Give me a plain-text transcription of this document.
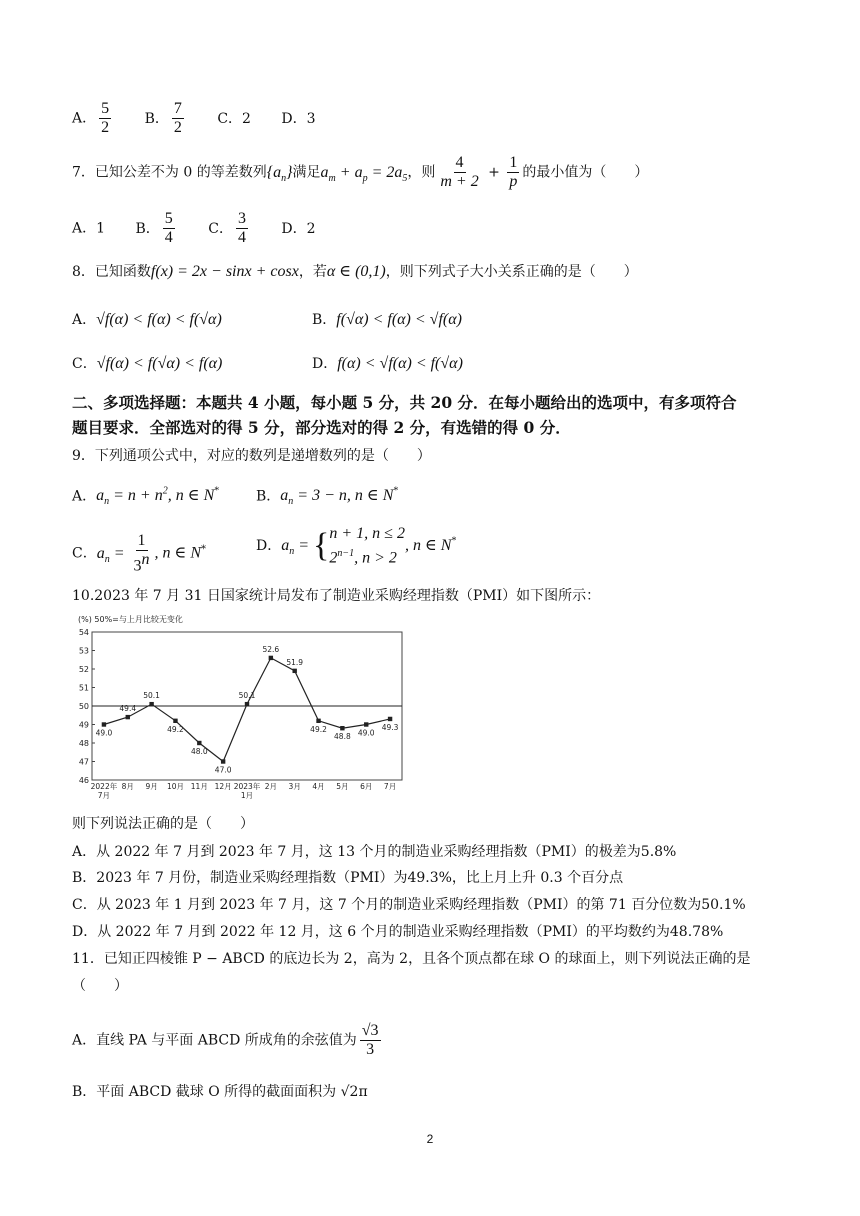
A． $\frac{5}{2}$ B． $\frac{7}{2}$ C．2 D．3
7．已知公差不为 0 的等差数列$\{a_n\}$满足$a_m + a_p = 2a_5$，则 $\frac{4}{m + 2} + \frac{1}{p}$ 的最小值为（　　）
A．1 B． $\frac{5}{4}$ C． $\frac{3}{4}$ D．2
8．已知函数f(x) = 2x − sinx + cosx，若α ∈ (0,1)，则下列式子大小关系正确的是（　　）
A．√f(α) < f(α) < f(√α)	B．f(√α) < f(α) < √f(α)
C．√f(α) < f(√α) < f(α)	D．f(α) < √f(α) < f(√α)
二、多项选择题：本题共 4 小题，每小题 5 分，共 20 分．在每小题给出的选项中，有多项符合
题目要求．全部选对的得 5 分，部分选对的得 2 分，有选错的得 0 分．
9．下列通项公式中，对应的数列是递增数列的是（　　）
A．$a_n = n + n^2$, n ∈ N*	B．$a_n = 3 - n$, n ∈ N*
C．$a_n = \frac{1}{3^n}$ , n ∈ N*	D．$a_n$ = { n + 1, n ≤ 2
$2^{n-1}$, n > 2
, n ∈ N*
10.2023 年 7 月 31 日国家统计局发布了制造业采购经理指数（PMI）如下图所示：
(%) 50%=与上月比较无变化
54
53
52
51
50
49
48
47
46
2022年
7月
8月 9月 10月 11月 12月 2023年
1月
2月 3月 4月 5月 6月 7月
49.0
49.4
50.1
49.2
48.0
47.0
50.1
52.6
51.9
49.2
48.8 49.0
49.3
则下列说法正确的是（　　）
A．从 2022 年 7 月到 2023 年 7 月，这 13 个月的制造业采购经理指数（PMI）的极差为5.8%
B．2023 年 7 月份，制造业采购经理指数（PMI）为49.3%，比上月上升 0.3 个百分点
C．从 2023 年 1 月到 2023 年 7 月，这 7 个月的制造业采购经理指数（PMI）的第 71 百分位数为50.1%
D．从 2022 年 7 月到 2022 年 12 月，这 6 个月的制造业采购经理指数（PMI）的平均数约为48.78%
11．已知正四棱锥 P − ABCD 的底边长为 2，高为 2，且各个顶点都在球 O 的球面上，则下列说法正确的是
（　　）
A．直线 PA 与平面 ABCD 所成角的余弦值为 $\frac{√3}{3}$
B．平面 ABCD 截球 O 所得的截面面积为 √2π
2
